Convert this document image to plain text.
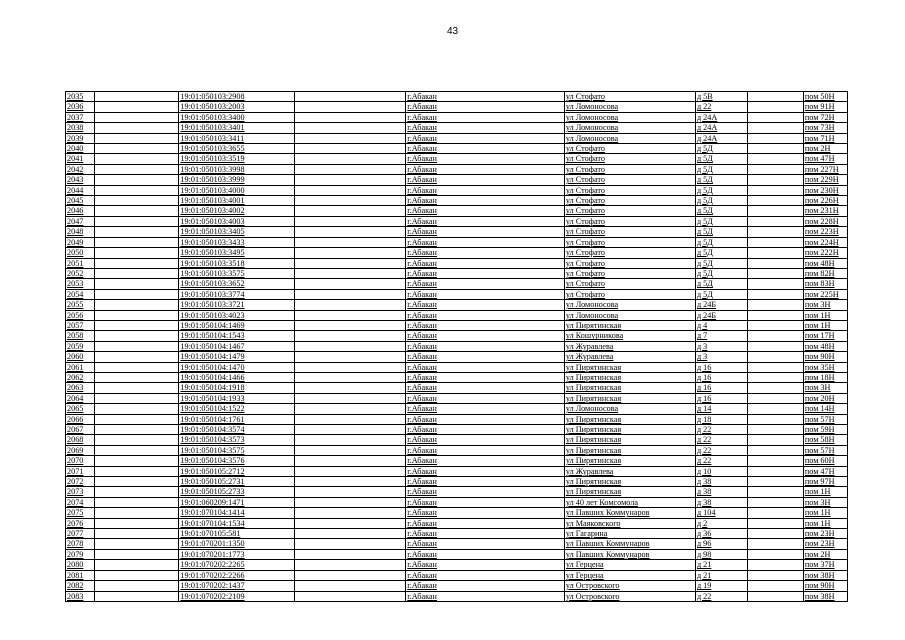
43
2035		19:01:050103:2908		г.Абакан	ул Стофато	д 5В		пом 50Н
2036		19:01:050103:2003		г.Абакан	ул Ломоносова	д 22		пом 91Н
2037		19:01:050103:3400		г.Абакан	ул Ломоносова	д 24А		пом 72Н
2038		19:01:050103:3401		г.Абакан	ул Ломоносова	д 24А		пом 73Н
2039		19:01:050103:3411		г.Абакан	ул Ломоносова	д 24А		пом 71Н
2040		19:01:050103:3655		г.Абакан	ул Стофато	д 5Д		пом 2Н
2041		19:01:050103:3519		г.Абакан	ул Стофато	д 5Д		пом 47Н
2042		19:01:050103:3998		г.Абакан	ул Стофато	д 5Д		пом 227Н
2043		19:01:050103:3999		г.Абакан	ул Стофато	д 5Д		пом 229Н
2044		19:01:050103:4000		г.Абакан	ул Стофато	д 5Д		пом 230Н
2045		19:01:050103:4001		г.Абакан	ул Стофато	д 5Д		пом 226Н
2046		19:01:050103:4002		г.Абакан	ул Стофато	д 5Д		пом 231Н
2047		19:01:050103:4003		г.Абакан	ул Стофато	д 5Д		пом 228Н
2048		19:01:050103:3405		г.Абакан	ул Стофато	д 5Д		пом 223Н
2049		19:01:050103:3433		г.Абакан	ул Стофато	д 5Д		пом 224Н
2050		19:01:050103:3495		г.Абакан	ул Стофато	д 5Д		пом 222Н
2051		19:01:050103:3518		г.Абакан	ул Стофато	д 5Д		пом 48Н
2052		19:01:050103:3575		г.Абакан	ул Стофато	д 5Д		пом 82Н
2053		19:01:050103:3652		г.Абакан	ул Стофато	д 5Д		пом 83Н
2054		19:01:050103:3774		г.Абакан	ул Стофато	д 5Д		пом 225Н
2055		19:01:050103:3721		г.Абакан	ул Ломоносова	д 24Б		пом 3Н
2056		19:01:050103:4023		г.Абакан	ул Ломоносова	д 24Б		пом 1Н
2057		19:01:050104:1469		г.Абакан	ул Пирятинская	д 4		пом 1Н
2058		19:01:050104:1543		г.Абакан	ул Кошурникова	д 7		пом 17Н
2059		19:01:050104:1467		г.Абакан	ул Журавлева	д 3		пом 48Н
2060		19:01:050104:1479		г.Абакан	ул Журавлева	д 3		пом 90Н
2061		19:01:050104:1470		г.Абакан	ул Пирятинская	д 16		пом 35Н
2062		19:01:050104:1466		г.Абакан	ул Пирятинская	д 16		пом 18Н
2063		19:01:050104:1918		г.Абакан	ул Пирятинская	д 16		пом 3Н
2064		19:01:050104:1933		г.Абакан	ул Пирятинская	д 16		пом 20Н
2065		19:01:050104:1522		г.Абакан	ул Ломоносова	д 14		пом 14Н
2066		19:01:050104:1761		г.Абакан	ул Пирятинская	д 18		пом 57Н
2067		19:01:050104:3574		г.Абакан	ул Пирятинская	д 22		пом 59Н
2068		19:01:050104:3573		г.Абакан	ул Пирятинская	д 22		пом 58Н
2069		19:01:050104:3575		г.Абакан	ул Пирятинская	д 22		пом 57Н
2070		19:01:050104:3576		г.Абакан	ул Пирятинская	д 22		пом 60Н
2071		19:01:050105:2712		г.Абакан	ул Журавлева	д 10		пом 47Н
2072		19:01:050105:2731		г.Абакан	ул Пирятинская	д 38		пом 97Н
2073		19:01:050105:2733		г.Абакан	ул Пирятинская	д 38		пом 1Н
2074		19:01:060209:1471		г.Абакан	ул 40 лет Комсомола	д 38		пом 3Н
2075		19:01:070104:1414		г.Абакан	ул Павших Коммунаров	д 104		пом 1Н
2076		19:01:070104:1534		г.Абакан	ул Маяковского	д 2		пом 1Н
2077		19:01:070105:581		г.Абакан	ул Гагарина	д 36		пом 23Н
2078		19:01:070201:1350		г.Абакан	ул Павших Коммунаров	д 96		пом 23Н
2079		19:01:070201:1773		г.Абакан	ул Павших Коммунаров	д 98		пом 2Н
2080		19:01:070202:2265		г.Абакан	ул Герцена	д 21		пом 37Н
2081		19:01:070202:2266		г.Абакан	ул Герцена	д 21		пом 38Н
2082		19:01:070202:1437		г.Абакан	ул Островского	д 19		пом 90Н
2083		19:01:070202:2109		г.Абакан	ул Островского	д 22		пом 38Н
